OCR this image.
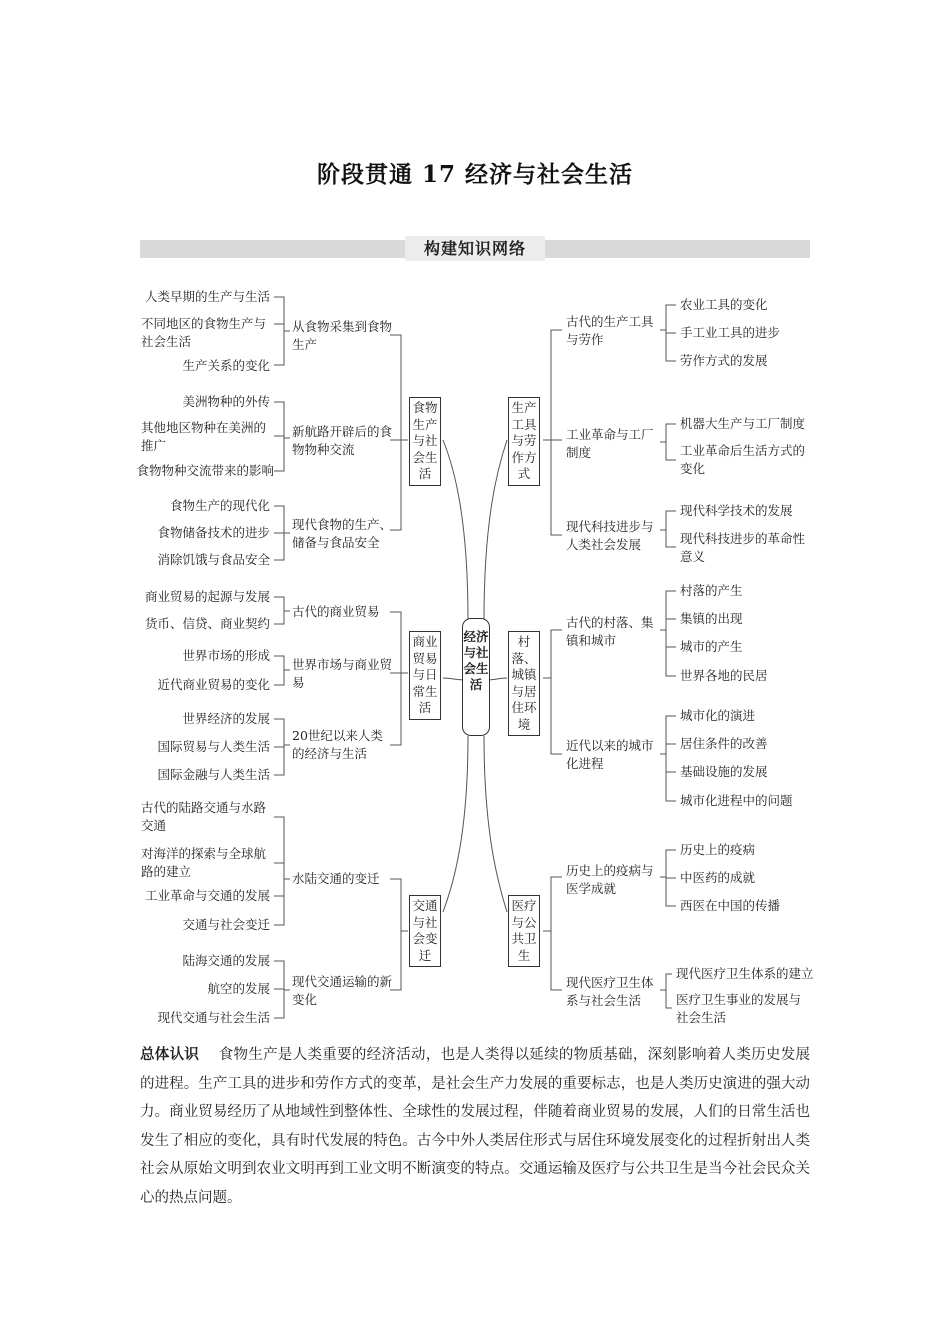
阶段贯通 17 经济与社会生活
构建知识网络
经济与社会生活
食物生产与社会生活
从食物采集到食物生产
人类早期的生产与生活
不同地区的食物生产与社会生活
生产关系的变化
新航路开辟后的食物物种交流
美洲物种的外传
其他地区物种在美洲的推广
食物物种交流带来的影响
现代食物的生产、储备与食品安全
食物生产的现代化
食物储备技术的进步
消除饥饿与食品安全
商业贸易与日常生活
古代的商业贸易
商业贸易的起源与发展
货币、信贷、商业契约
世界市场与商业贸易
世界市场的形成
近代商业贸易的变化
20世纪以来人类的经济与生活
世界经济的发展
国际贸易与人类生活
国际金融与人类生活
交通与社会变迁
水陆交通的变迁
古代的陆路交通与水路交通
对海洋的探索与全球航路的建立
工业革命与交通的发展
交通与社会变迁
现代交通运输的新变化
陆海交通的发展
航空的发展
现代交通与社会生活
生产工具与劳作方式
古代的生产工具与劳作
农业工具的变化
手工业工具的进步
劳作方式的发展
工业革命与工厂制度
机器大生产与工厂制度
工业革命后生活方式的变化
现代科技进步与人类社会发展
现代科学技术的发展
现代科技进步的革命性意义
村落、城镇与居住环境
古代的村落、集镇和城市
村落的产生
集镇的出现
城市的产生
世界各地的民居
近代以来的城市化进程
城市化的演进
居住条件的改善
基础设施的发展
城市化进程中的问题
医疗与公共卫生
历史上的疫病与医学成就
历史上的疫病
中医药的成就
西医在中国的传播
现代医疗卫生体系与社会生活
现代医疗卫生体系的建立
医疗卫生事业的发展与社会生活
总体认识 食物生产是人类重要的经济活动，也是人类得以延续的物质基础，深刻影响着人类历史发展的进程。生产工具的进步和劳作方式的变革，是社会生产力发展的重要标志，也是人类历史演进的强大动力。商业贸易经历了从地域性到整体性、全球性的发展过程，伴随着商业贸易的发展，人们的日常生活也发生了相应的变化，具有时代发展的特色。古今中外人类居住形式与居住环境发展变化的过程折射出人类社会从原始文明到农业文明再到工业文明不断演变的特点。交通运输及医疗与公共卫生是当今社会民众关心的热点问题。
